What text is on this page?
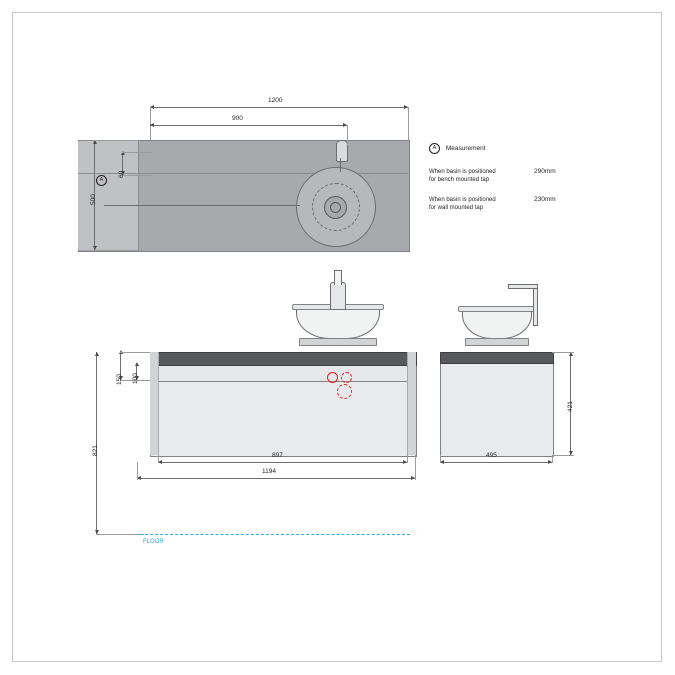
1200
900
500
60
A
A Measurement
When basin is positioned
for bench mounted tap
290mm
When basin is positioned
for wall mounted tap
230mm
150 100
821	897
1194
421
495
FLOOR
